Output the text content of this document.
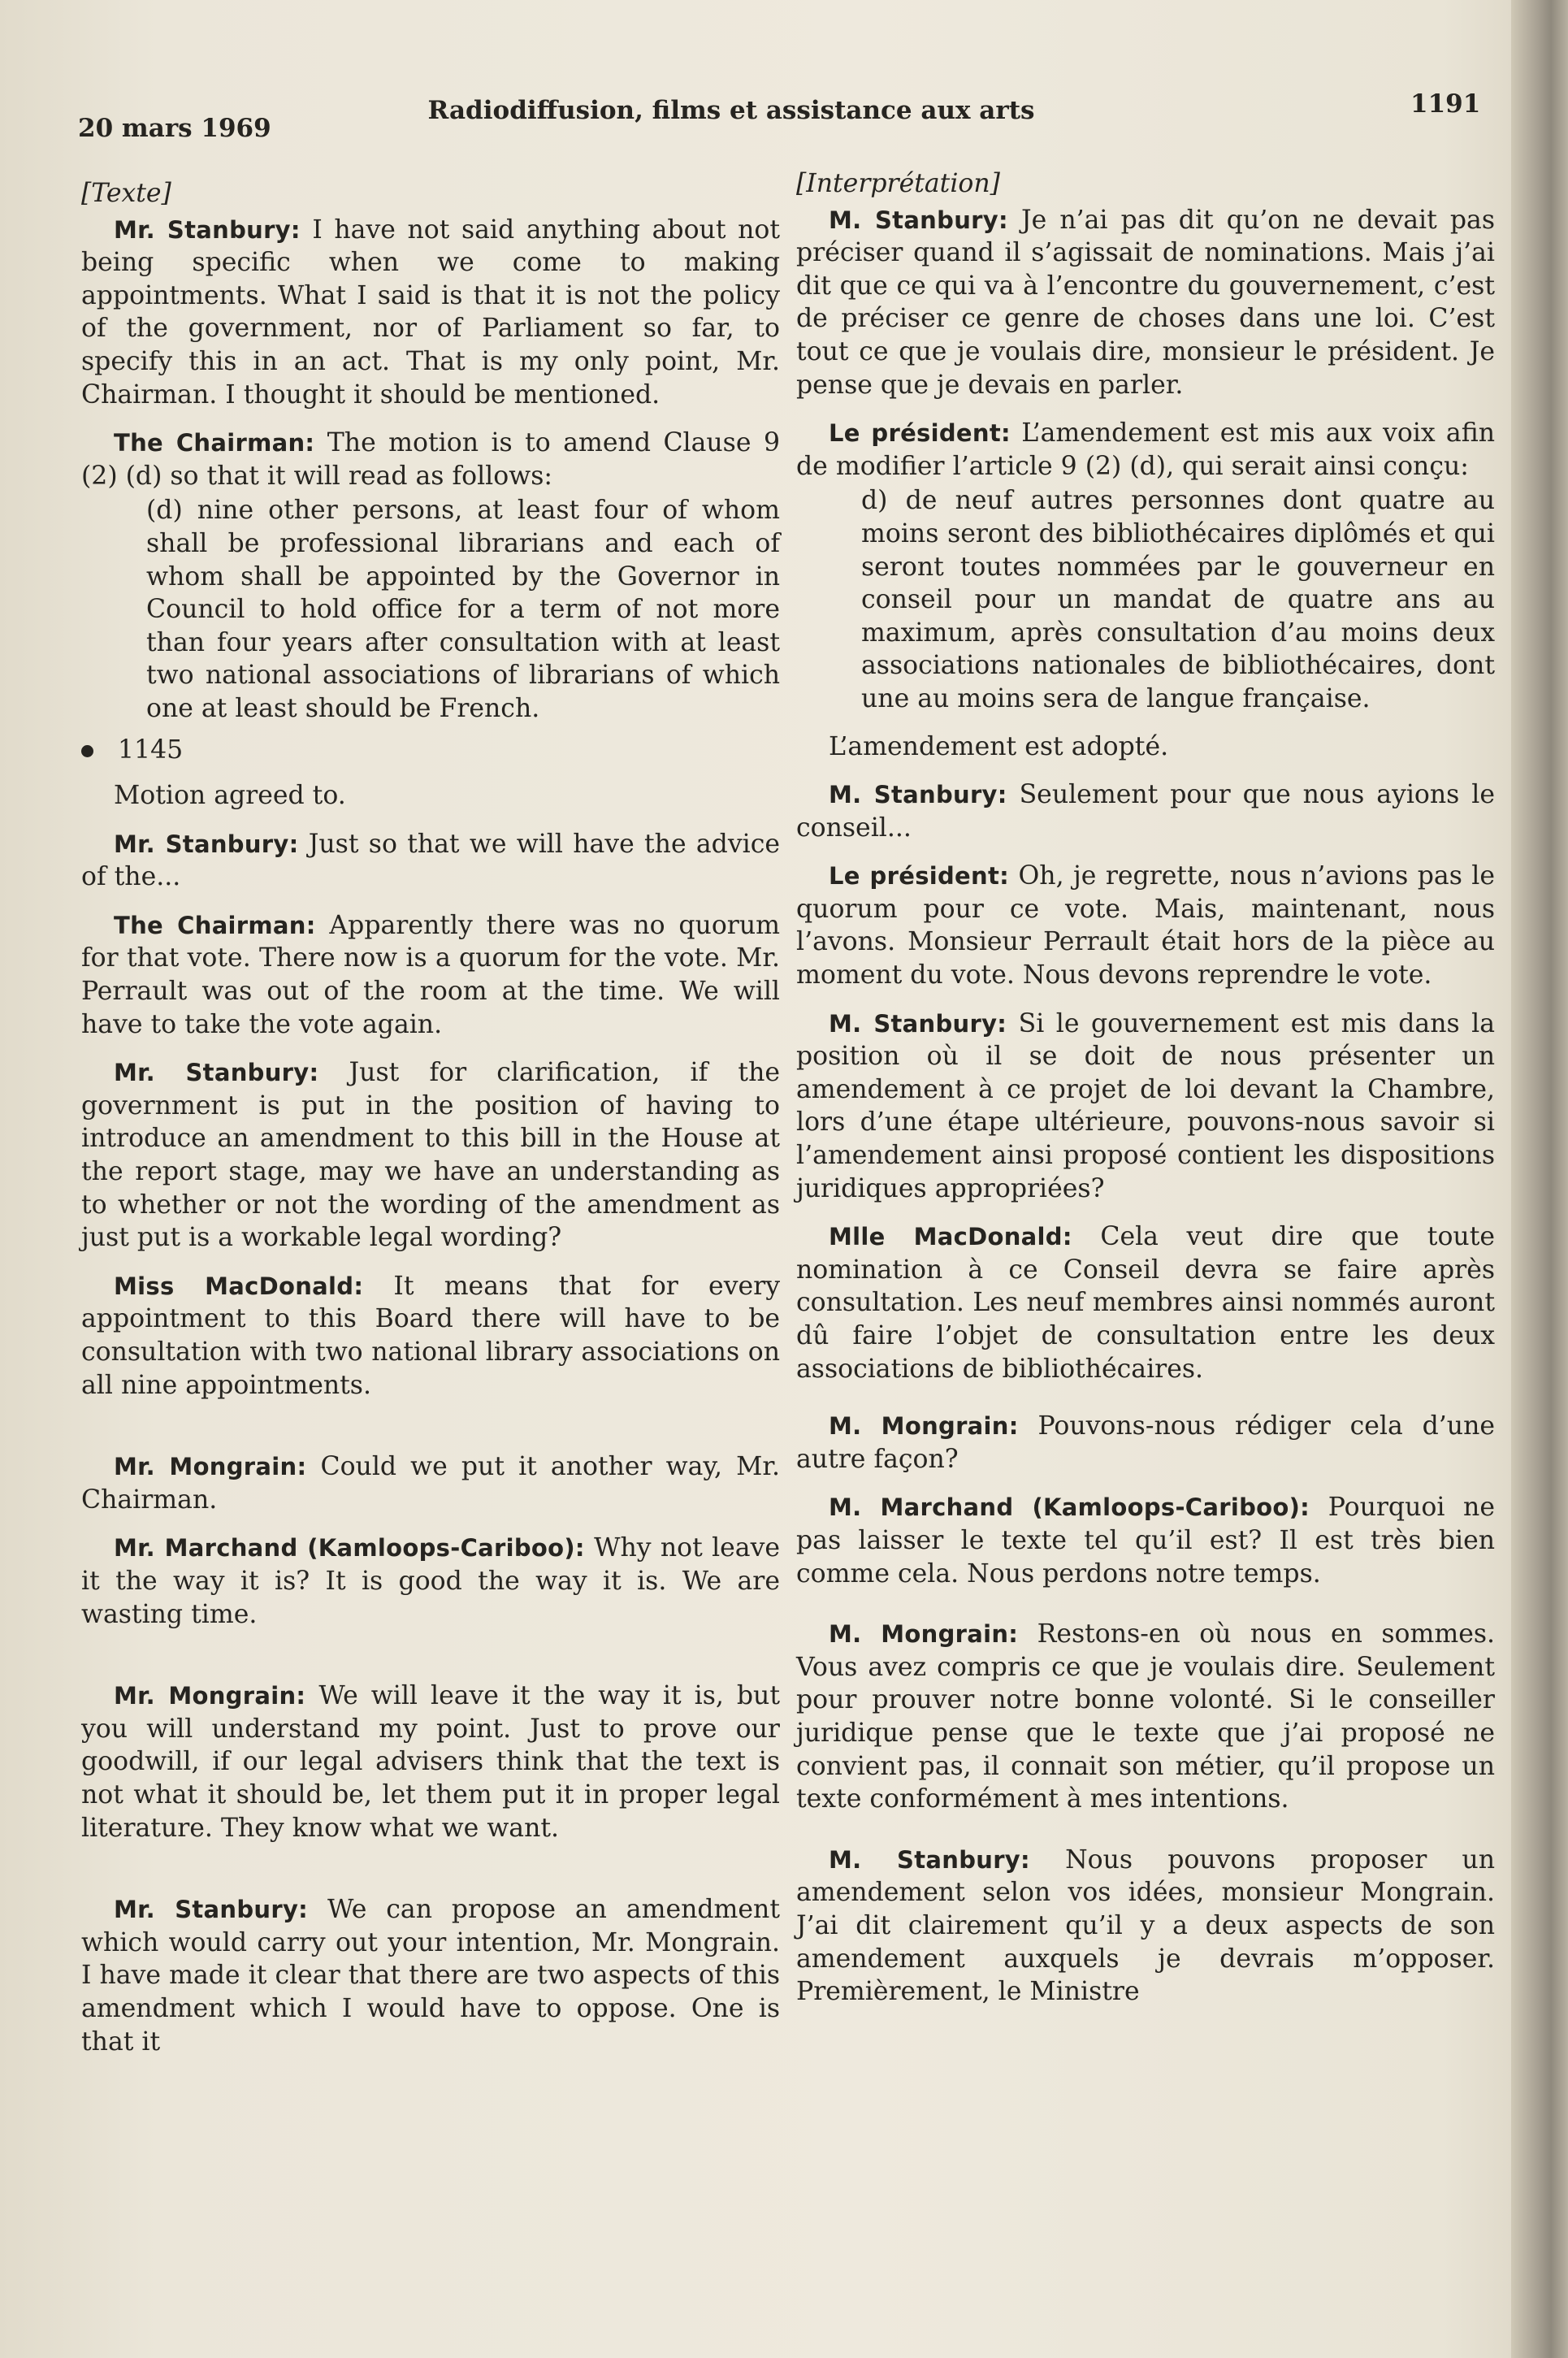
20 mars 1969
Radiodiffusion, films et assistance aux arts	1191

[Texte]

Mr. Stanbury: I have not said anything about not being specific when we come to making appointments. What I said is that it is not the policy of the government, nor of Parliament so far, to specify this in an act. That is my only point, Mr. Chairman. I thought it should be mentioned.

The Chairman: The motion is to amend Clause 9 (2) (d) so that it will read as follows:

(d) nine other persons, at least four of whom shall be professional librarians and each of whom shall be appointed by the Governor in Council to hold office for a term of not more than four years after consultation with at least two national associations of librarians of which one at least should be French.

1145

Motion agreed to.

Mr. Stanbury: Just so that we will have the advice of the...

The Chairman: Apparently there was no quorum for that vote. There now is a quorum for the vote. Mr. Perrault was out of the room at the time. We will have to take the vote again.

Mr. Stanbury: Just for clarification, if the government is put in the position of having to introduce an amendment to this bill in the House at the report stage, may we have an understanding as to whether or not the wording of the amendment as just put is a workable legal wording?

Miss MacDonald: It means that for every appointment to this Board there will have to be consultation with two national library associations on all nine appointments.

Mr. Mongrain: Could we put it another way, Mr. Chairman.

Mr. Marchand (Kamloops-Cariboo): Why not leave it the way it is? It is good the way it is. We are wasting time.

Mr. Mongrain: We will leave it the way it is, but you will understand my point. Just to prove our goodwill, if our legal advisers think that the text is not what it should be, let them put it in proper legal literature. They know what we want.

Mr. Stanbury: We can propose an amendment which would carry out your intention, Mr. Mongrain. I have made it clear that there are two aspects of this amendment which I would have to oppose. One is that it

[Interprétation]

M. Stanbury: Je n’ai pas dit qu’on ne devait pas préciser quand il s’agissait de nominations. Mais j’ai dit que ce qui va à l’encontre du gouvernement, c’est de préciser ce genre de choses dans une loi. C’est tout ce que je voulais dire, monsieur le président. Je pense que je devais en parler.

Le président: L’amendement est mis aux voix afin de modifier l’article 9 (2) (d), qui serait ainsi conçu:

d) de neuf autres personnes dont quatre au moins seront des bibliothécaires diplômés et qui seront toutes nommées par le gouverneur en conseil pour un mandat de quatre ans au maximum, après consultation d’au moins deux associations nationales de bibliothécaires, dont une au moins sera de langue française.

L’amendement est adopté.

M. Stanbury: Seulement pour que nous ayions le conseil...

Le président: Oh, je regrette, nous n’avions pas le quorum pour ce vote. Mais, maintenant, nous l’avons. Monsieur Perrault était hors de la pièce au moment du vote. Nous devons reprendre le vote.

M. Stanbury: Si le gouvernement est mis dans la position où il se doit de nous présenter un amendement à ce projet de loi devant la Chambre, lors d’une étape ultérieure, pouvons-nous savoir si l’amendement ainsi proposé contient les dispositions juridiques appropriées?

Mlle MacDonald: Cela veut dire que toute nomination à ce Conseil devra se faire après consultation. Les neuf membres ainsi nommés auront dû faire l’objet de consultation entre les deux associations de bibliothécaires.

M. Mongrain: Pouvons-nous rédiger cela d’une autre façon?

M. Marchand (Kamloops-Cariboo): Pourquoi ne pas laisser le texte tel qu’il est? Il est très bien comme cela. Nous perdons notre temps.

M. Mongrain: Restons-en où nous en sommes. Vous avez compris ce que je voulais dire. Seulement pour prouver notre bonne volonté. Si le conseiller juridique pense que le texte que j’ai proposé ne convient pas, il connait son métier, qu’il propose un texte conformément à mes intentions.

M. Stanbury: Nous pouvons proposer un amendement selon vos idées, monsieur Mongrain. J’ai dit clairement qu’il y a deux aspects de son amendement auxquels je devrais m’opposer. Premièrement, le Ministre
